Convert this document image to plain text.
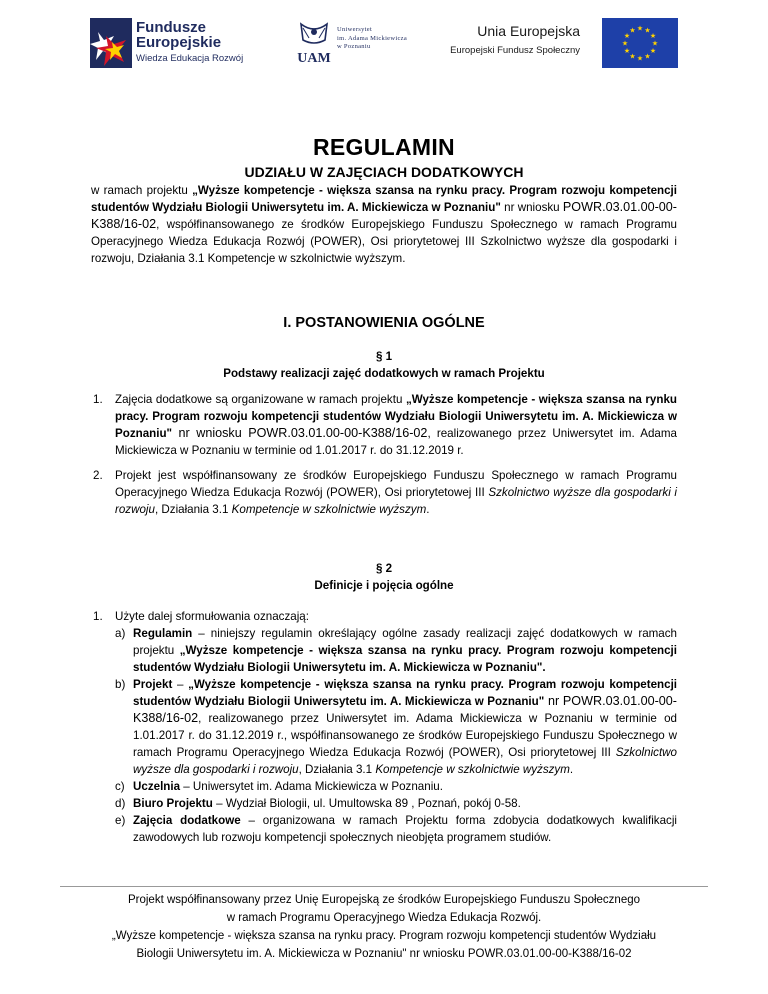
Fundusze
Europejskie
Wiedza Edukacja Rozwój	UAM
Uniwersytet
im. Adama Mickiewicza
w Poznaniu
Unia Europejska
Europejski Fundusz Społeczny
★
★
★
★
★
★
★
★
★ ★ ★
★
REGULAMIN
UDZIAŁU W ZAJĘCIACH DODATKOWYCH
w ramach projektu „Wyższe kompetencje - większa szansa na rynku pracy. Program rozwoju kompetencji studentów Wydziału Biologii Uniwersytetu im. A. Mickiewicza w Poznaniu" nr wniosku POWR.03.01.00-00-K388/16-02, współfinansowanego ze środków Europejskiego Funduszu Społecznego w ramach Programu Operacyjnego Wiedza Edukacja Rozwój (POWER), Osi priorytetowej III Szkolnictwo wyższe dla gospodarki i rozwoju, Działania 3.1 Kompetencje w szkolnictwie wyższym.
I. POSTANOWIENIA OGÓLNE
§ 1
Podstawy realizacji zajęć dodatkowych w ramach Projektu
1. Zajęcia dodatkowe są organizowane w ramach projektu „Wyższe kompetencje - większa szansa na rynku pracy. Program rozwoju kompetencji studentów Wydziału Biologii Uniwersytetu im. A. Mickiewicza w Poznaniu" nr wniosku POWR.03.01.00-00-K388/16-02, realizowanego przez Uniwersytet im. Adama Mickiewicza w Poznaniu w terminie od 1.01.2017 r. do 31.12.2019 r.
2. Projekt jest współfinansowany ze środków Europejskiego Funduszu Społecznego w ramach Programu Operacyjnego Wiedza Edukacja Rozwój (POWER), Osi priorytetowej III Szkolnictwo wyższe dla gospodarki i rozwoju, Działania 3.1 Kompetencje w szkolnictwie wyższym.
§ 2
Definicje i pojęcia ogólne
1. Użyte dalej sformułowania oznaczają:
a) Regulamin – niniejszy regulamin określający ogólne zasady realizacji zajęć dodatkowych w ramach projektu „Wyższe kompetencje - większa szansa na rynku pracy. Program rozwoju kompetencji studentów Wydziału Biologii Uniwersytetu im. A. Mickiewicza w Poznaniu".
b) Projekt – „Wyższe kompetencje - większa szansa na rynku pracy. Program rozwoju kompetencji studentów Wydziału Biologii Uniwersytetu im. A. Mickiewicza w Poznaniu" nr POWR.03.01.00-00-K388/16-02, realizowanego przez Uniwersytet im. Adama Mickiewicza w Poznaniu w terminie od 1.01.2017 r. do 31.12.2019 r., współfinansowanego ze środków Europejskiego Funduszu Społecznego w ramach Programu Operacyjnego Wiedza Edukacja Rozwój (POWER), Osi priorytetowej III Szkolnictwo wyższe dla gospodarki i rozwoju, Działania 3.1 Kompetencje w szkolnictwie wyższym.
c) Uczelnia – Uniwersytet im. Adama Mickiewicza w Poznaniu.
d) Biuro Projektu – Wydział Biologii, ul. Umultowska 89 , Poznań, pokój 0-58.
e) Zajęcia dodatkowe – organizowana w ramach Projektu forma zdobycia dodatkowych kwalifikacji zawodowych lub rozwoju kompetencji społecznych nieobjęta programem studiów.
Projekt współfinansowany przez Unię Europejską ze środków Europejskiego Funduszu Społecznego
w ramach Programu Operacyjnego Wiedza Edukacja Rozwój.
„Wyższe kompetencje - większa szansa na rynku pracy. Program rozwoju kompetencji studentów Wydziału
Biologii Uniwersytetu im. A. Mickiewicza w Poznaniu" nr wniosku POWR.03.01.00-00-K388/16-02
